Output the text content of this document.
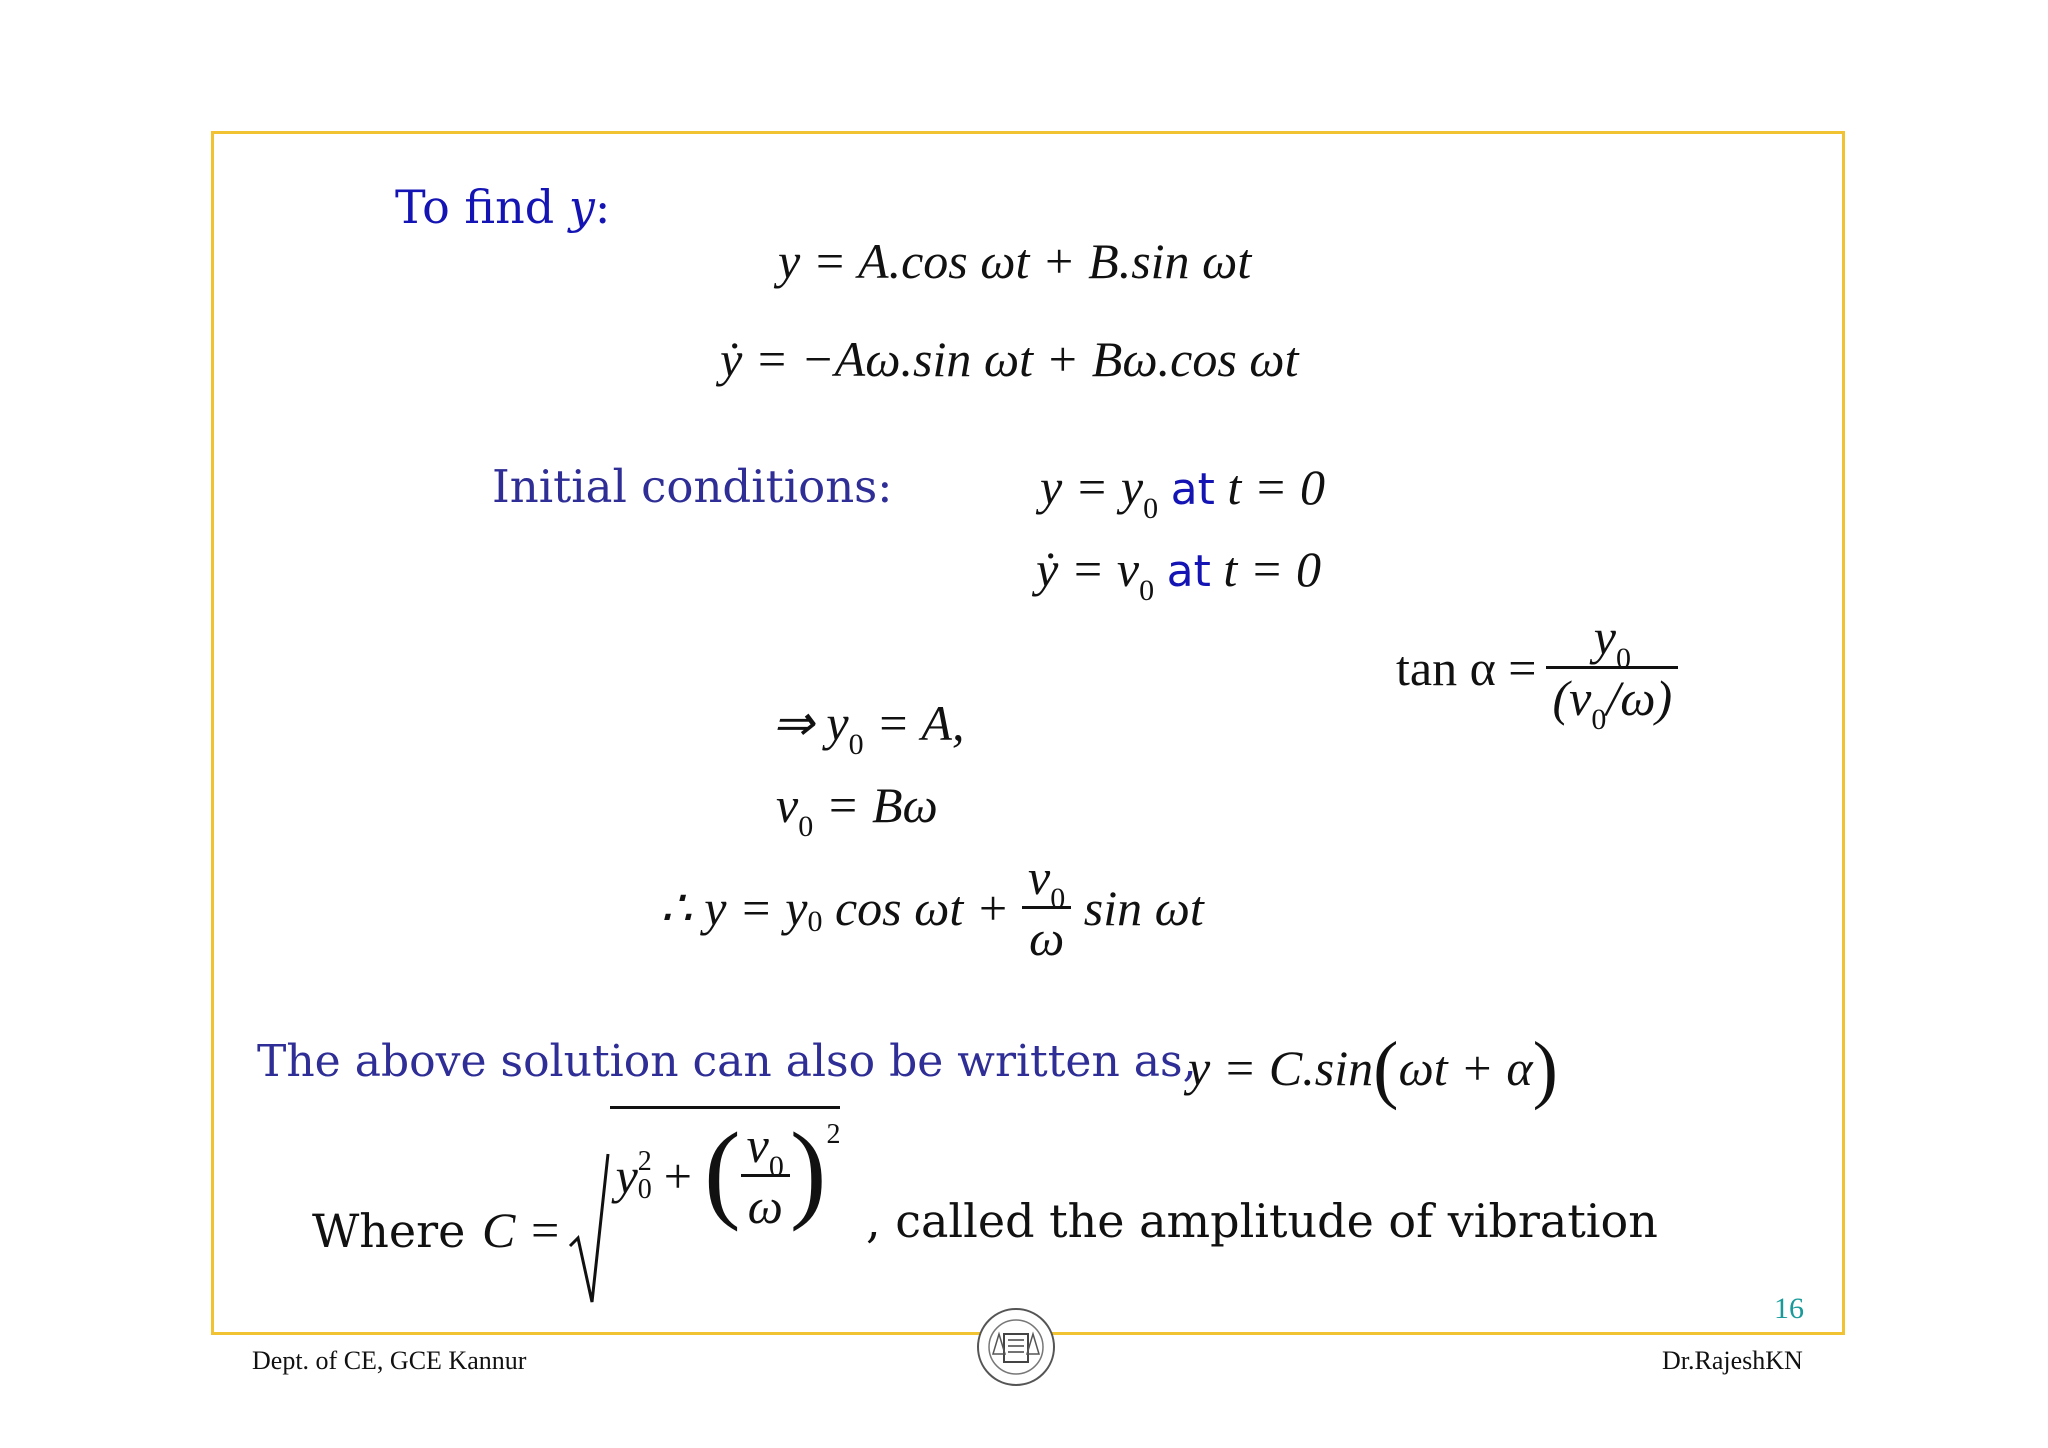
To find y:
y = A.cos ωt + B.sin ωt
ẏ = −Aω.sin ωt + Bω.cos ωt
Initial conditions:	$y = y_0$ at t = 0
ẏ = $v_0$ at t = 0
$\tan \alpha = \frac{y_0}{(v_0/\omega)}$
⇒ $y_0 = A$,
$v_0 = B\omega$
∴ y = y 0 $\cos \omega t + \frac{v_0}{\omega}$ sin ωt
The above solution can also be written as,
y = C.sin(ωt + α)
Where C =
y 2
0 + ( $\frac{v_0}{\omega}$ ) 2
, called the amplitude of vibration
16
Dept. of CE, GCE Kannur	Dr.RajeshKN
